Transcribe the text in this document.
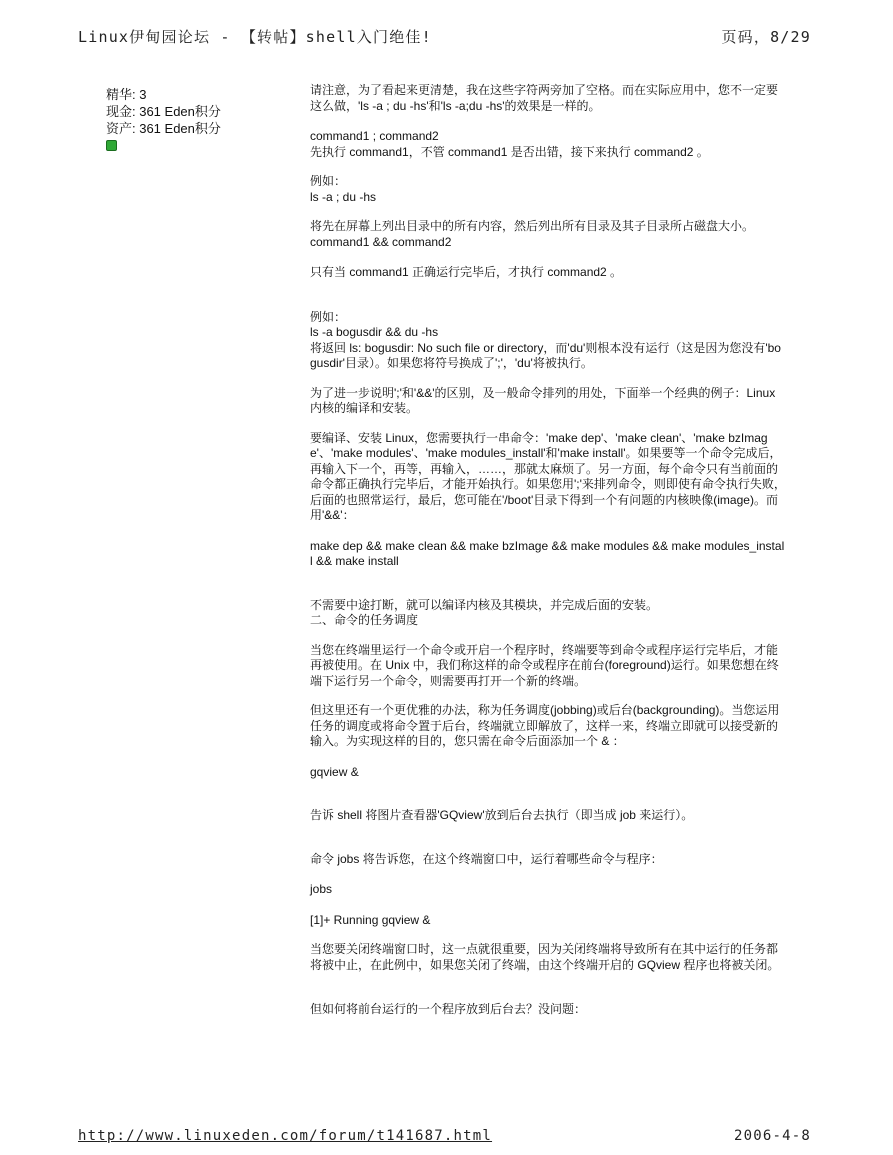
Linux伊甸园论坛 - 【转帖】shell入门绝佳!	页码，8/29
精华: 3
现金: 361 Eden积分
资产: 361 Eden积分

请注意，为了看起来更清楚，我在这些字符两旁加了空格。而在实际应用中，您不一定要这么做，'ls -a ; du -hs'和'ls -a;du -hs'的效果是一样的。

command1 ; command2

先执行 command1，不管 command1 是否出错，接下来执行 command2 。

例如：

ls -a ; du -hs

将先在屏幕上列出目录中的所有内容，然后列出所有目录及其子目录所占磁盘大小。

command1 && command2

只有当 command1 正确运行完毕后，才执行 command2 。

例如：

ls -a bogusdir && du -hs

将返回 ls: bogusdir: No such file or directory，而'du'则根本没有运行（这是因为您没有'bogusdir'目录）。如果您将符号换成了';'，'du'将被执行。

为了进一步说明';'和'&&'的区别，及一般命令排列的用处，下面举一个经典的例子：Linux 内核的编译和安装。

要编译、安装 Linux，您需要执行一串命令：'make dep'、'make clean'、'make bzImage'、'make modules'、'make modules_install'和'make install'。如果要等一个命令完成后，再输入下一个，再等，再输入，……，那就太麻烦了。另一方面，每个命令只有当前面的命令都正确执行完毕后，才能开始执行。如果您用';'来排列命令，则即使有命令执行失败，后面的也照常运行，最后，您可能在'/boot'目录下得到一个有问题的内核映像(image)。而用'&&'：

make dep && make clean && make bzImage && make modules && make modules_install && make install

不需要中途打断，就可以编译内核及其模块，并完成后面的安装。

二、命令的任务调度

当您在终端里运行一个命令或开启一个程序时，终端要等到命令或程序运行完毕后，才能再被使用。在 Unix 中，我们称这样的命令或程序在前台(foreground)运行。如果您想在终端下运行另一个命令，则需要再打开一个新的终端。

但这里还有一个更优雅的办法，称为任务调度(jobbing)或后台(backgrounding)。当您运用任务的调度或将命令置于后台，终端就立即解放了，这样一来，终端立即就可以接受新的输入。为实现这样的目的，您只需在命令后面添加一个 & ：

gqview &

告诉 shell 将图片查看器'GQview'放到后台去执行（即当成 job 来运行）。

命令 jobs 将告诉您，在这个终端窗口中，运行着哪些命令与程序：

jobs

[1]+ Running gqview &

当您要关闭终端窗口时，这一点就很重要，因为关闭终端将导致所有在其中运行的任务都将被中止，在此例中，如果您关闭了终端，由这个终端开启的 GQview 程序也将被关闭。

但如何将前台运行的一个程序放到后台去？没问题：

http://www.linuxeden.com/forum/t141687.html	2006-4-8
